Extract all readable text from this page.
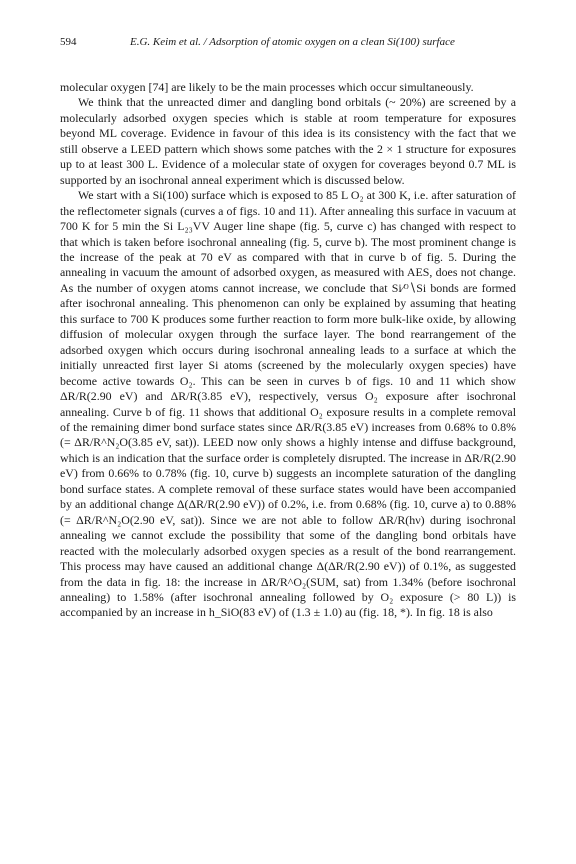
594	E.G. Keim et al. / Adsorption of atomic oxygen on a clean Si(100) surface

molecular oxygen [74] are likely to be the main processes which occur simultaneously.

We think that the unreacted dimer and dangling bond orbitals (~ 20%) are screened by a molecularly adsorbed oxygen species which is stable at room temperature for exposures beyond ML coverage. Evidence in favour of this idea is its consistency with the fact that we still observe a LEED pattern which shows some patches with the 2 × 1 structure for exposures up to at least 300 L. Evidence of a molecular state of oxygen for coverages beyond 0.7 ML is supported by an isochronal anneal experiment which is discussed below.

We start with a Si(100) surface which is exposed to 85 L O₂ at 300 K, i.e. after saturation of the reflectometer signals (curves a of figs. 10 and 11). After annealing this surface in vacuum at 700 K for 5 min the Si L₂₃VV Auger line shape (fig. 5, curve c) has changed with respect to that which is taken before isochronal annealing (fig. 5, curve b). The most prominent change is the increase of the peak at 70 eV as compared with that in curve b of fig. 5. During the annealing in vacuum the amount of adsorbed oxygen, as measured with AES, does not change. As the number of oxygen atoms cannot increase, we conclude that Si⁄ᴼ∖Si bonds are formed after isochronal annealing. This phenomenon can only be explained by assuming that heating this surface to 700 K produces some further reaction to form more bulk-like oxide, by allowing diffusion of molecular oxygen through the surface layer. The bond rearrangement of the adsorbed oxygen which occurs during isochronal annealing leads to a surface at which the initially unreacted first layer Si atoms (screened by the molecularly oxygen species) have become active towards O₂. This can be seen in curves b of figs. 10 and 11 which show ΔR/R(2.90 eV) and ΔR/R(3.85 eV), respectively, versus O₂ exposure after isochronal annealing. Curve b of fig. 11 shows that additional O₂ exposure results in a complete removal of the remaining dimer bond surface states since ΔR/R(3.85 eV) increases from 0.68% to 0.8% (= ΔR/R^N₂O(3.85 eV, sat)). LEED now only shows a highly intense and diffuse background, which is an indication that the surface order is completely disrupted. The increase in ΔR/R(2.90 eV) from 0.66% to 0.78% (fig. 10, curve b) suggests an incomplete saturation of the dangling bond surface states. A complete removal of these surface states would have been accompanied by an additional change Δ(ΔR/R(2.90 eV)) of 0.2%, i.e. from 0.68% (fig. 10, curve a) to 0.88% (= ΔR/R^N₂O(2.90 eV, sat)). Since we are not able to follow ΔR/R(hν) during isochronal annealing we cannot exclude the possibility that some of the dangling bond orbitals have reacted with the molecularly adsorbed oxygen species as a result of the bond rearrangement. This process may have caused an additional change Δ(ΔR/R(2.90 eV)) of 0.1%, as suggested from the data in fig. 18: the increase in ΔR/R^O₂(SUM, sat) from 1.34% (before isochronal annealing) to 1.58% (after isochronal annealing followed by O₂ exposure (> 80 L)) is accompanied by an increase in h_SiO(83 eV) of (1.3 ± 1.0) au (fig. 18, *). In fig. 18 is also
